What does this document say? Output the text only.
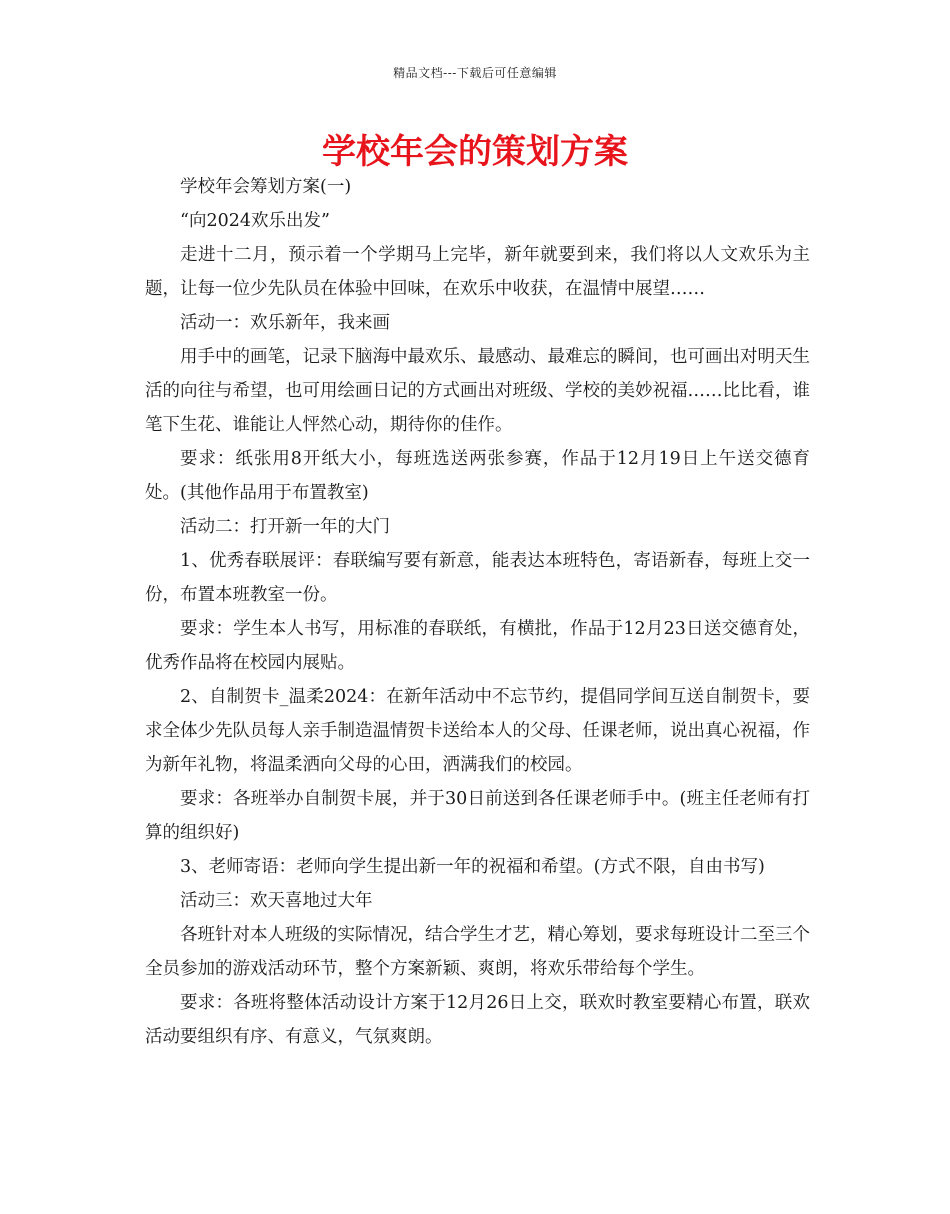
精品文档---下载后可任意编辑
学校年会的策划方案

学校年会筹划方案(一)

“向2024欢乐出发”

走进十二月，预示着一个学期马上完毕，新年就要到来，我们将以人文欢乐为主题，让每一位少先队员在体验中回味，在欢乐中收获，在温情中展望……

活动一：欢乐新年，我来画

用手中的画笔，记录下脑海中最欢乐、最感动、最难忘的瞬间，也可画出对明天生活的向往与希望，也可用绘画日记的方式画出对班级、学校的美妙祝福……比比看，谁笔下生花、谁能让人怦然心动，期待你的佳作。

要求：纸张用8开纸大小，每班选送两张参赛，作品于12月19日上午送交德育处。(其他作品用于布置教室)

活动二：打开新一年的大门

1、优秀春联展评：春联编写要有新意，能表达本班特色，寄语新春，每班上交一份，布置本班教室一份。

要求：学生本人书写，用标准的春联纸，有横批，作品于12月23日送交德育处，优秀作品将在校园内展贴。

2、自制贺卡_温柔2024：在新年活动中不忘节约，提倡同学间互送自制贺卡，要求全体少先队员每人亲手制造温情贺卡送给本人的父母、任课老师，说出真心祝福，作为新年礼物，将温柔洒向父母的心田，洒满我们的校园。

要求：各班举办自制贺卡展，并于30日前送到各任课老师手中。(班主任老师有打算的组织好)

3、老师寄语：老师向学生提出新一年的祝福和希望。(方式不限，自由书写)

活动三：欢天喜地过大年

各班针对本人班级的实际情况，结合学生才艺，精心筹划，要求每班设计二至三个全员参加的游戏活动环节，整个方案新颖、爽朗，将欢乐带给每个学生。

要求：各班将整体活动设计方案于12月26日上交，联欢时教室要精心布置，联欢活动要组织有序、有意义，气氛爽朗。
